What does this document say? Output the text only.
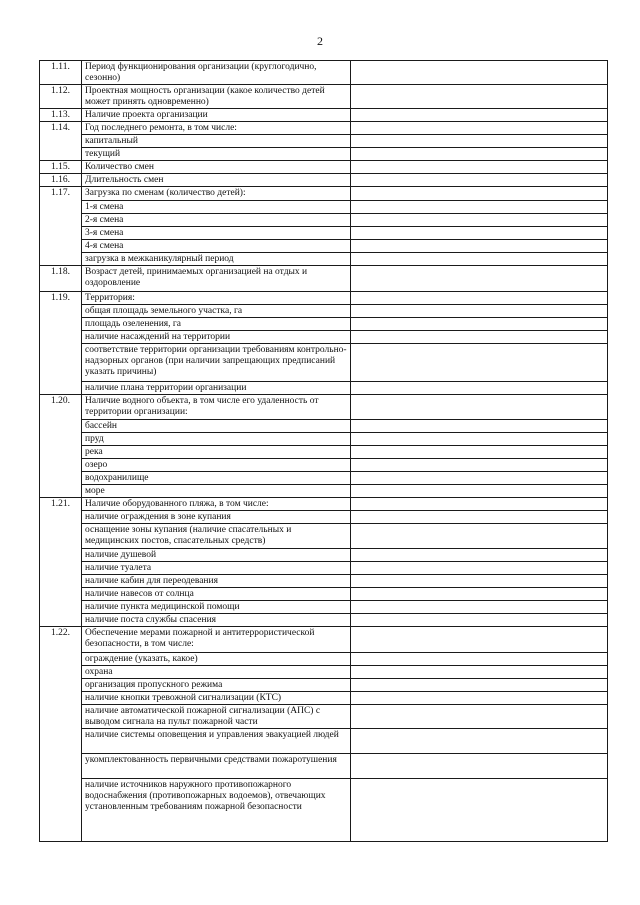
2
1.11.	Период функционирования организации (круглогодично, сезонно)	
1.12.	Проектная мощность организации (какое количество детей может принять одновременно)	
1.13.	Наличие проекта организации	
1.14.	Год последнего ремонта, в том числе:	
	капитальный	
	текущий	
1.15.	Количество смен	
1.16.	Длительность смен	
1.17.	Загрузка по сменам (количество детей):	
	1-я смена	
	2-я смена	
	3-я смена	
	4-я смена	
	загрузка в межканикулярный период	
1.18.	Возраст детей, принимаемых организацией на отдых и оздоровление	
1.19.	Территория:	
	общая площадь земельного участка, га	
	площадь озеленения, га	
	наличие насаждений на территории	
	соответствие территории организации требованиям контрольно-надзорных органов (при наличии запрещающих предписаний указать причины)	
	наличие плана территории организации	
1.20.	Наличие водного объекта, в том числе его удаленность от территории организации:	
	бассейн	
	пруд	
	река	
	озеро	
	водохранилище	
	море	
1.21.	Наличие оборудованного пляжа, в том числе:	
	наличие ограждения в зоне купания	
	оснащение зоны купания (наличие спасательных и медицинских постов, спасательных средств)	
	наличие душевой	
	наличие туалета	
	наличие кабин для переодевания	
	наличие навесов от солнца	
	наличие пункта медицинской помощи	
	наличие поста службы спасения	
1.22.	Обеспечение мерами пожарной и антитеррористической безопасности, в том числе:	
	ограждение (указать, какое)	
	охрана	
	организация пропускного режима	
	наличие кнопки тревожной сигнализации (КТС)	
	наличие автоматической пожарной сигнализации (АПС) с выводом сигнала на пульт пожарной части	
	наличие системы оповещения и управления эвакуацией людей	
	укомплектованность первичными средствами пожаротушения	
	наличие источников наружного противопожарного водоснабжения (противопожарных водоемов), отвечающих установленным требованиям пожарной безопасности	
